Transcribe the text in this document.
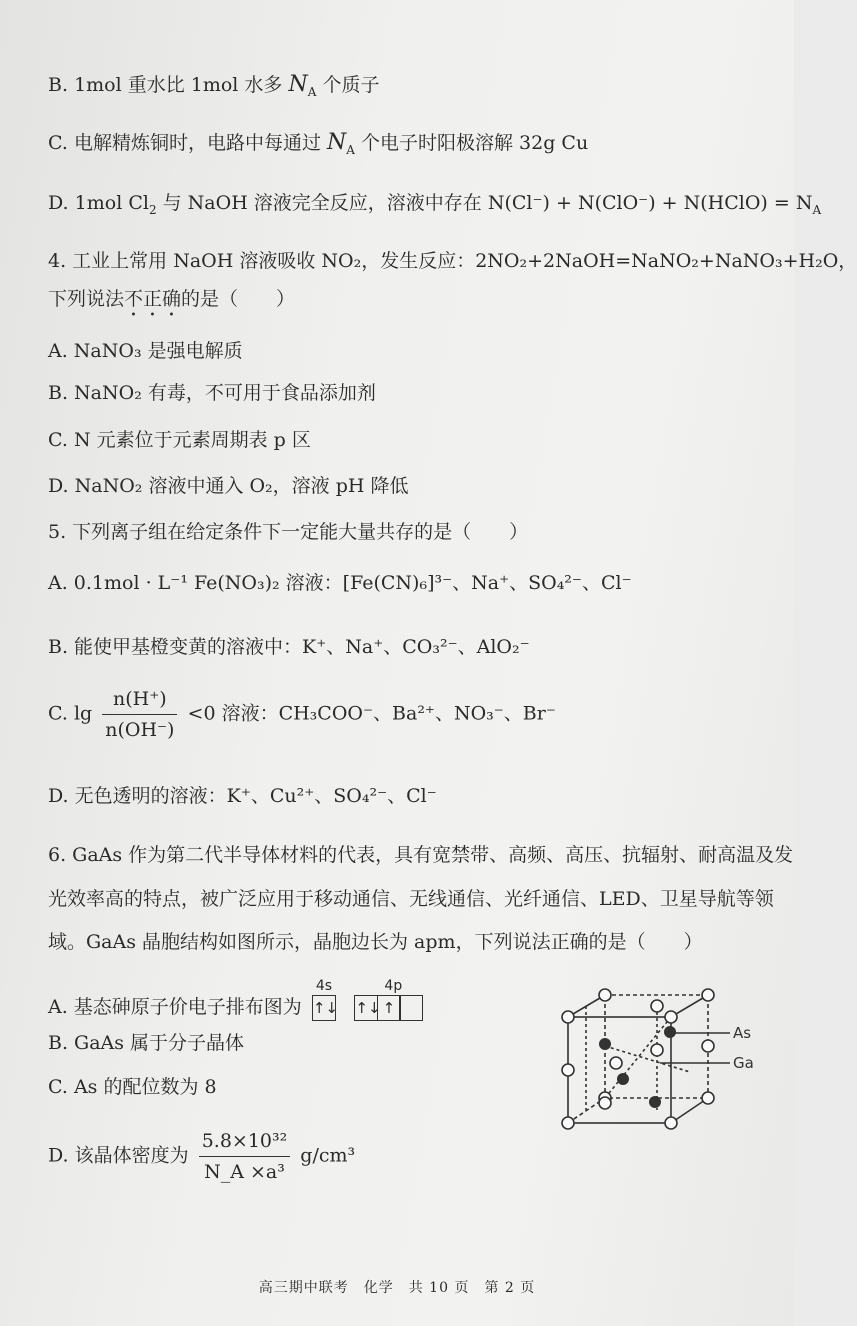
B. 1mol 重水比 1mol 水多 $N_A$ 个质子
C. 电解精炼铜时，电路中每通过 $N_A$ 个电子时阳极溶解 32g Cu
D. 1mol $Cl_2$ 与 NaOH 溶液完全反应，溶液中存在 N(Cl⁻) + N(ClO⁻) + N(HClO) = $N_A$
4. 工业上常用 NaOH 溶液吸收 NO₂，发生反应：2NO₂+2NaOH=NaNO₂+NaNO₃+H₂O，
下列说法不正确的是（　　）
A. NaNO₃ 是强电解质
B. NaNO₂ 有毒，不可用于食品添加剂
C. N 元素位于元素周期表 p 区
D. NaNO₂ 溶液中通入 O₂，溶液 pH 降低
5. 下列离子组在给定条件下一定能大量共存的是（　　）
A. 0.1mol · L⁻¹ Fe(NO₃)₂ 溶液：[Fe(CN)₆]³⁻、Na⁺、SO₄²⁻、Cl⁻
B. 能使甲基橙变黄的溶液中：K⁺、Na⁺、CO₃²⁻、AlO₂⁻
C. $\lg \frac{n(H^+)}{n(OH^-)} <0$ 溶液：CH₃COO⁻、Ba²⁺、NO₃⁻、Br⁻
D. 无色透明的溶液：K⁺、Cu²⁺、SO₄²⁻、Cl⁻
6. GaAs 作为第二代半导体材料的代表，具有宽禁带、高频、高压、抗辐射、耐高温及发
光效率高的特点，被广泛应用于移动通信、无线通信、光纤通信、LED、卫星导航等领
域。GaAs 晶胞结构如图所示，晶胞边长为 apm，下列说法正确的是（　　）
A. 基态砷原子价电子排布图为
4s
↑↓

4p
↑↓ ↑
B. GaAs 属于分子晶体
C. As 的配位数为 8
D. 该晶体密度为 $\frac{\text{5.8×10³²}}{\text{N\_A ×a³}} g/cm^3$
As
Ga
高三期中联考　化学　共 10 页　第 2 页
